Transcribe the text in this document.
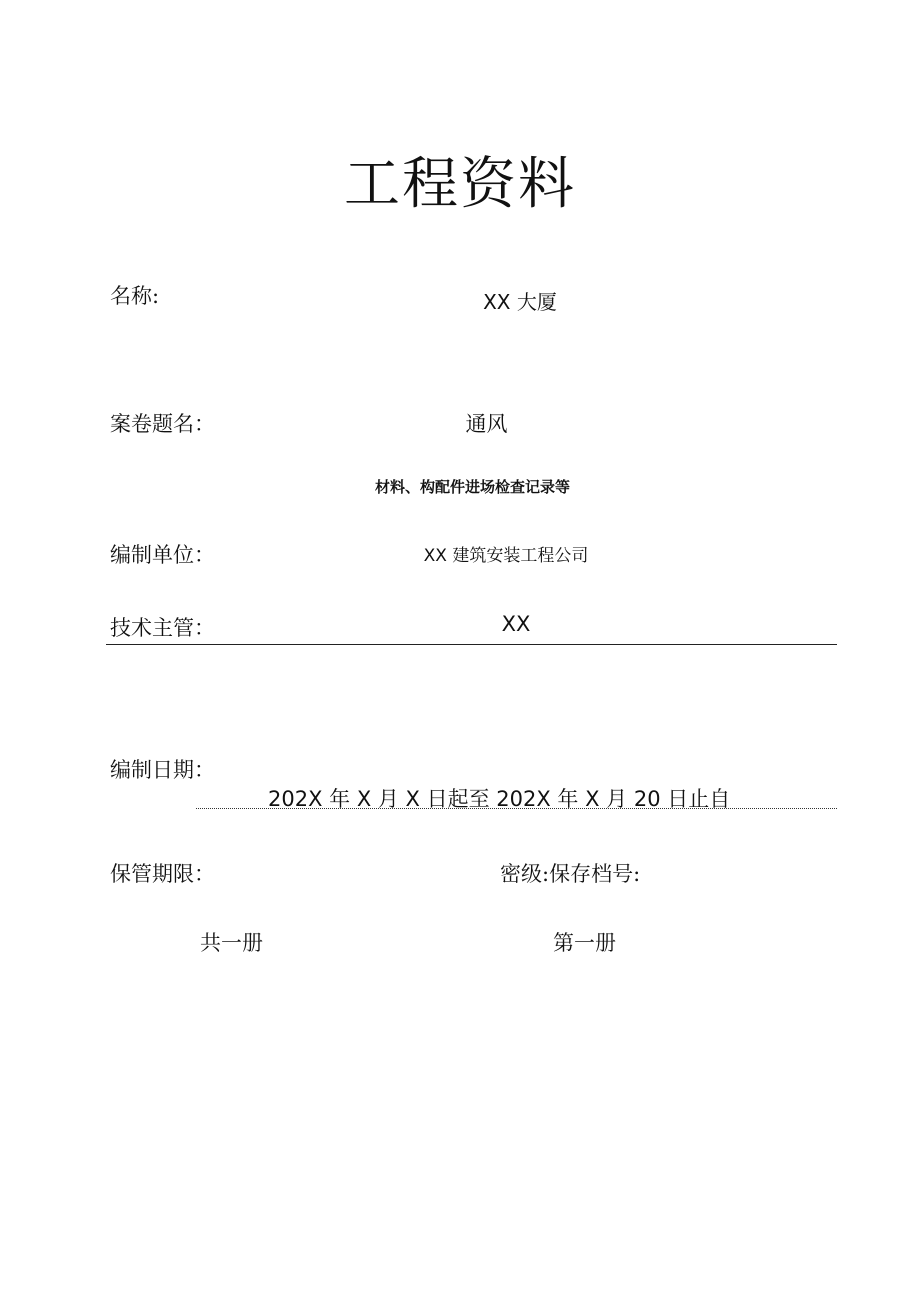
工程资料
名称:	XX 大厦
案卷题名：	通风
材料、构配件进场检查记录等
编制单位：	XX 建筑安装工程公司
技术主管：	XX
编制日期：
202X 年 X 月 X 日起至 202X 年 X 月 20 日止自
保管期限：	密级:保存档号:
共一册	第一册
